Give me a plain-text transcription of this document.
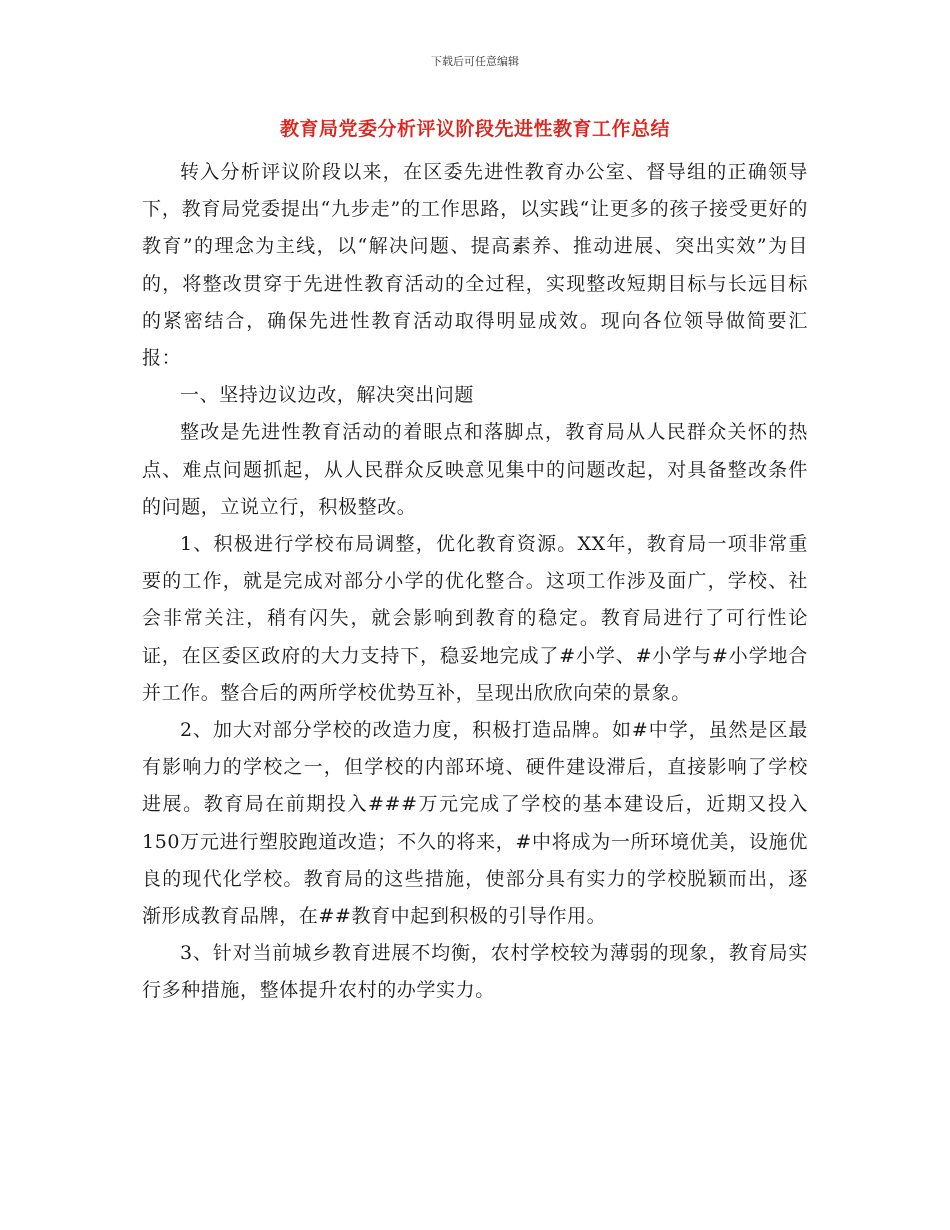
下载后可任意编辑
教育局党委分析评议阶段先进性教育工作总结

转入分析评议阶段以来，在区委先进性教育办公室、督导组的正确领导下，教育局党委提出“九步走”的工作思路，以实践“让更多的孩子接受更好的教育”的理念为主线，以“解决问题、提高素养、推动进展、突出实效”为目的，将整改贯穿于先进性教育活动的全过程，实现整改短期目标与长远目标的紧密结合，确保先进性教育活动取得明显成效。现向各位领导做简要汇报：

一、坚持边议边改，解决突出问题

整改是先进性教育活动的着眼点和落脚点，教育局从人民群众关怀的热点、难点问题抓起，从人民群众反映意见集中的问题改起，对具备整改条件的问题，立说立行，积极整改。

1、积极进行学校布局调整，优化教育资源。XX年，教育局一项非常重要的工作，就是完成对部分小学的优化整合。这项工作涉及面广，学校、社会非常关注，稍有闪失，就会影响到教育的稳定。教育局进行了可行性论证，在区委区政府的大力支持下，稳妥地完成了#小学、#小学与#小学地合并工作。整合后的两所学校优势互补，呈现出欣欣向荣的景象。

2、加大对部分学校的改造力度，积极打造品牌。如#中学，虽然是区最有影响力的学校之一，但学校的内部环境、硬件建设滞后，直接影响了学校进展。教育局在前期投入###万元完成了学校的基本建设后，近期又投入150万元进行塑胶跑道改造；不久的将来，#中将成为一所环境优美，设施优良的现代化学校。教育局的这些措施，使部分具有实力的学校脱颖而出，逐渐形成教育品牌，在##教育中起到积极的引导作用。

3、针对当前城乡教育进展不均衡，农村学校较为薄弱的现象，教育局实行多种措施，整体提升农村的办学实力。
